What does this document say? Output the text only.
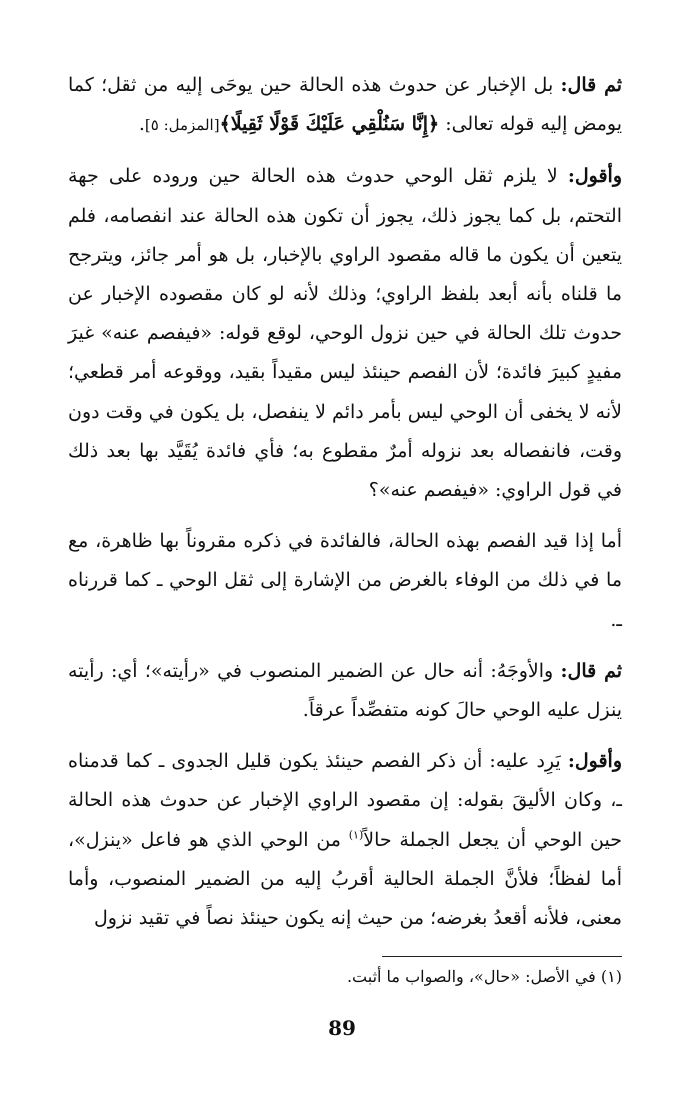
ثم قال: بل الإخبار عن حدوث هذه الحالة حين يوحَى إليه من ثقل؛ كما يومض إليه قوله تعالى: ﴿إِنَّا سَنُلْقِي عَلَيْكَ قَوْلًا ثَقِيلًا﴾[المزمل: ٥].

وأقول: لا يلزم ثقل الوحي حدوث هذه الحالة حين وروده على جهة التحتم، بل كما يجوز ذلك، يجوز أن تكون هذه الحالة عند انفصامه، فلم يتعين أن يكون ما قاله مقصود الراوي بالإخبار، بل هو أمر جائز، ويترجح ما قلناه بأنه أبعد بلفظ الراوي؛ وذلك لأنه لو كان مقصوده الإخبار عن حدوث تلك الحالة في حين نزول الوحي، لوقع قوله: «فيفصم عنه» غيرَ مفيدٍ كبيرَ فائدة؛ لأن الفصم حينئذ ليس مقيداً بقيد، ووقوعه أمر قطعي؛ لأنه لا يخفى أن الوحي ليس بأمر دائم لا ينفصل، بل يكون في وقت دون وقت، فانفصاله بعد نزوله أمرٌ مقطوع به؛ فأي فائدة يُقَيَّد بها بعد ذلك في قول الراوي: «فيفصم عنه»؟

أما إذا قيد الفصم بهذه الحالة، فالفائدة في ذكره مقروناً بها ظاهرة، مع ما في ذلك من الوفاء بالغرض من الإشارة إلى ثقل الوحي ـ كما قررناه ـ.

ثم قال: والأوجَهُ: أنه حال عن الضمير المنصوب في «رأيته»؛ أي: رأيته ينزل عليه الوحي حالَ كونه متفصِّداً عرقاً.

وأقول: يَرِد عليه: أن ذكر الفصم حينئذ يكون قليل الجدوى ـ كما قدمناه ـ، وكان الأليقَ بقوله: إن مقصود الراوي الإخبار عن حدوث هذه الحالة حين الوحي أن يجعل الجملة حالاً$^{(١)}$ من الوحي الذي هو فاعل «ينزل»، أما لفظاً؛ فلأنَّ الجملة الحالية أقربُ إليه من الضمير المنصوب، وأما معنى، فلأنه أقعدُ بغرضه؛ من حيث إنه يكون حينئذ نصاً في تقيد نزول

(١) في الأصل: «حال»، والصواب ما أثبت.
89
